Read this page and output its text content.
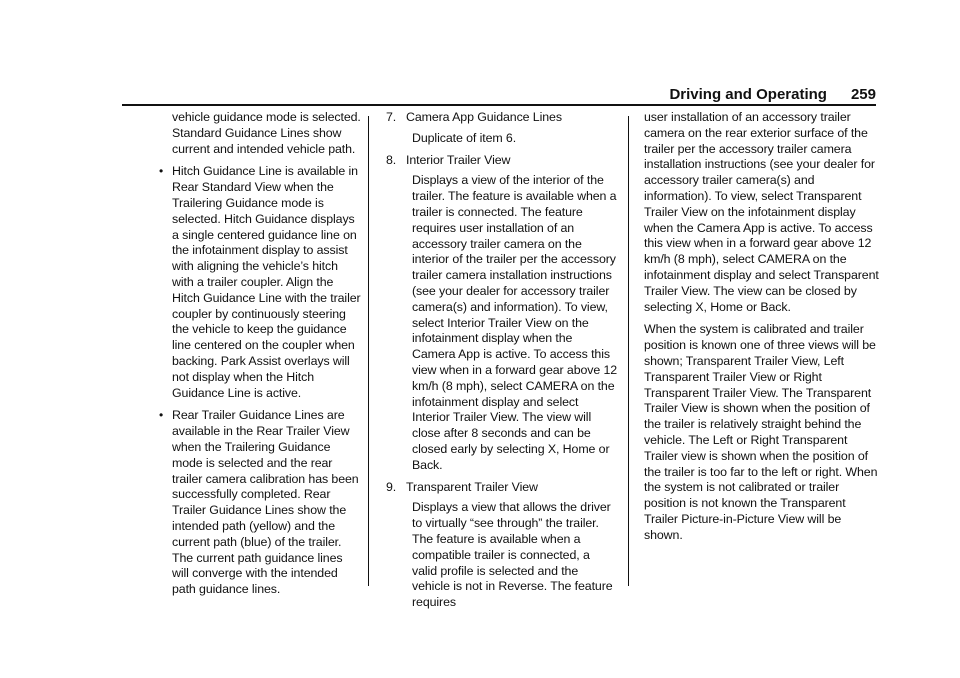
Driving and Operating 259

vehicle guidance mode is selected. Standard Guidance Lines show current and intended vehicle path.

• Hitch Guidance Line is available in Rear Standard View when the Trailering Guidance mode is selected. Hitch Guidance displays a single centered guidance line on the infotainment display to assist with aligning the vehicle’s hitch with a trailer coupler. Align the Hitch Guidance Line with the trailer coupler by continuously steering the vehicle to keep the guidance line centered on the coupler when backing. Park Assist overlays will not display when the Hitch Guidance Line is active.

• Rear Trailer Guidance Lines are available in the Rear Trailer View when the Trailering Guidance mode is selected and the rear trailer camera calibration has been successfully completed. Rear Trailer Guidance Lines show the intended path (yellow) and the current path (blue) of the trailer. The current path guidance lines will converge with the intended path guidance lines.

7. Camera App Guidance Lines
Duplicate of item 6.
8. Interior Trailer View
Displays a view of the interior of the trailer. The feature is available when a trailer is connected. The feature requires user installation of an accessory trailer camera on the interior of the trailer per the accessory trailer camera installation instructions (see your dealer for accessory trailer camera(s) and information). To view, select Interior Trailer View on the infotainment display when the Camera App is active. To access this view when in a forward gear above 12 km/h (8 mph), select CAMERA on the infotainment display and select Interior Trailer View. The view will close after 8 seconds and can be closed early by selecting X, Home or Back.
9. Transparent Trailer View
Displays a view that allows the driver to virtually “see through” the trailer. The feature is available when a compatible trailer is connected, a valid profile is selected and the vehicle is not in Reverse. The feature requires

user installation of an accessory trailer camera on the rear exterior surface of the trailer per the accessory trailer camera installation instructions (see your dealer for accessory trailer camera(s) and information). To view, select Transparent Trailer View on the infotainment display when the Camera App is active. To access this view when in a forward gear above 12 km/h (8 mph), select CAMERA on the infotainment display and select Transparent Trailer View. The view can be closed by selecting X, Home or Back.

When the system is calibrated and trailer position is known one of three views will be shown; Transparent Trailer View, Left Transparent Trailer View or Right Transparent Trailer View. The Transparent Trailer View is shown when the position of the trailer is relatively straight behind the vehicle. The Left or Right Transparent Trailer view is shown when the position of the trailer is too far to the left or right. When the system is not calibrated or trailer position is not known the Transparent Trailer Picture-in-Picture View will be shown.
